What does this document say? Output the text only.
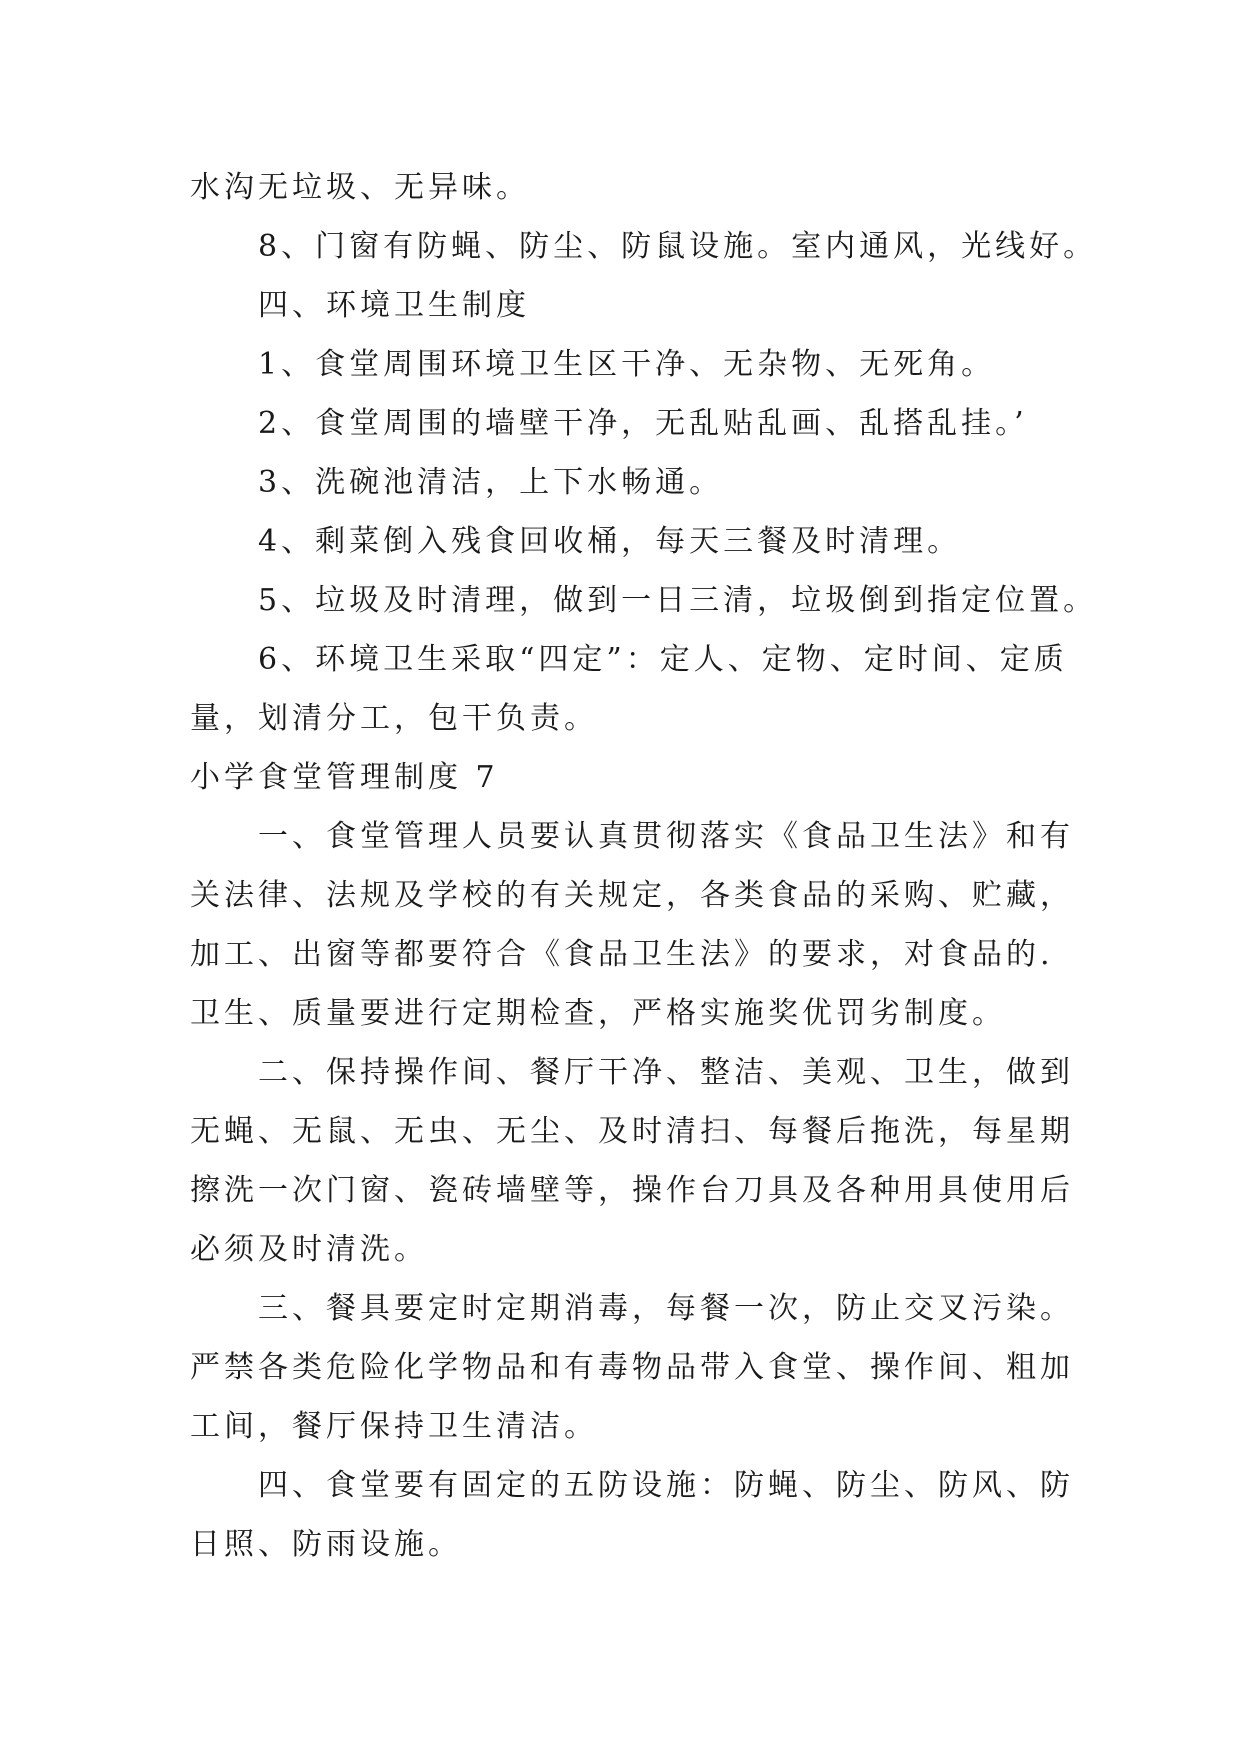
水沟无垃圾、无异味。

8、门窗有防蝇、防尘、防鼠设施。室内通风，光线好。

四、环境卫生制度

1、食堂周围环境卫生区干净、无杂物、无死角。

2、食堂周围的墙壁干净，无乱贴乱画、乱搭乱挂。’

3、洗碗池清洁，上下水畅通。

4、剩菜倒入残食回收桶，每天三餐及时清理。

5、垃圾及时清理，做到一日三清，垃圾倒到指定位置。

6、环境卫生采取“四定”：定人、定物、定时间、定质

量，划清分工，包干负责。

小学食堂管理制度 7

一、食堂管理人员要认真贯彻落实《食品卫生法》和有

关法律、法规及学校的有关规定，各类食品的采购、贮藏，

加工、出窗等都要符合《食品卫生法》的要求，对食品的.

卫生、质量要进行定期检查，严格实施奖优罚劣制度。

二、保持操作间、餐厅干净、整洁、美观、卫生，做到

无蝇、无鼠、无虫、无尘、及时清扫、每餐后拖洗，每星期

擦洗一次门窗、瓷砖墙壁等，操作台刀具及各种用具使用后

必须及时清洗。

三、餐具要定时定期消毒，每餐一次，防止交叉污染。

严禁各类危险化学物品和有毒物品带入食堂、操作间、粗加

工间，餐厅保持卫生清洁。

四、食堂要有固定的五防设施：防蝇、防尘、防风、防

日照、防雨设施。
